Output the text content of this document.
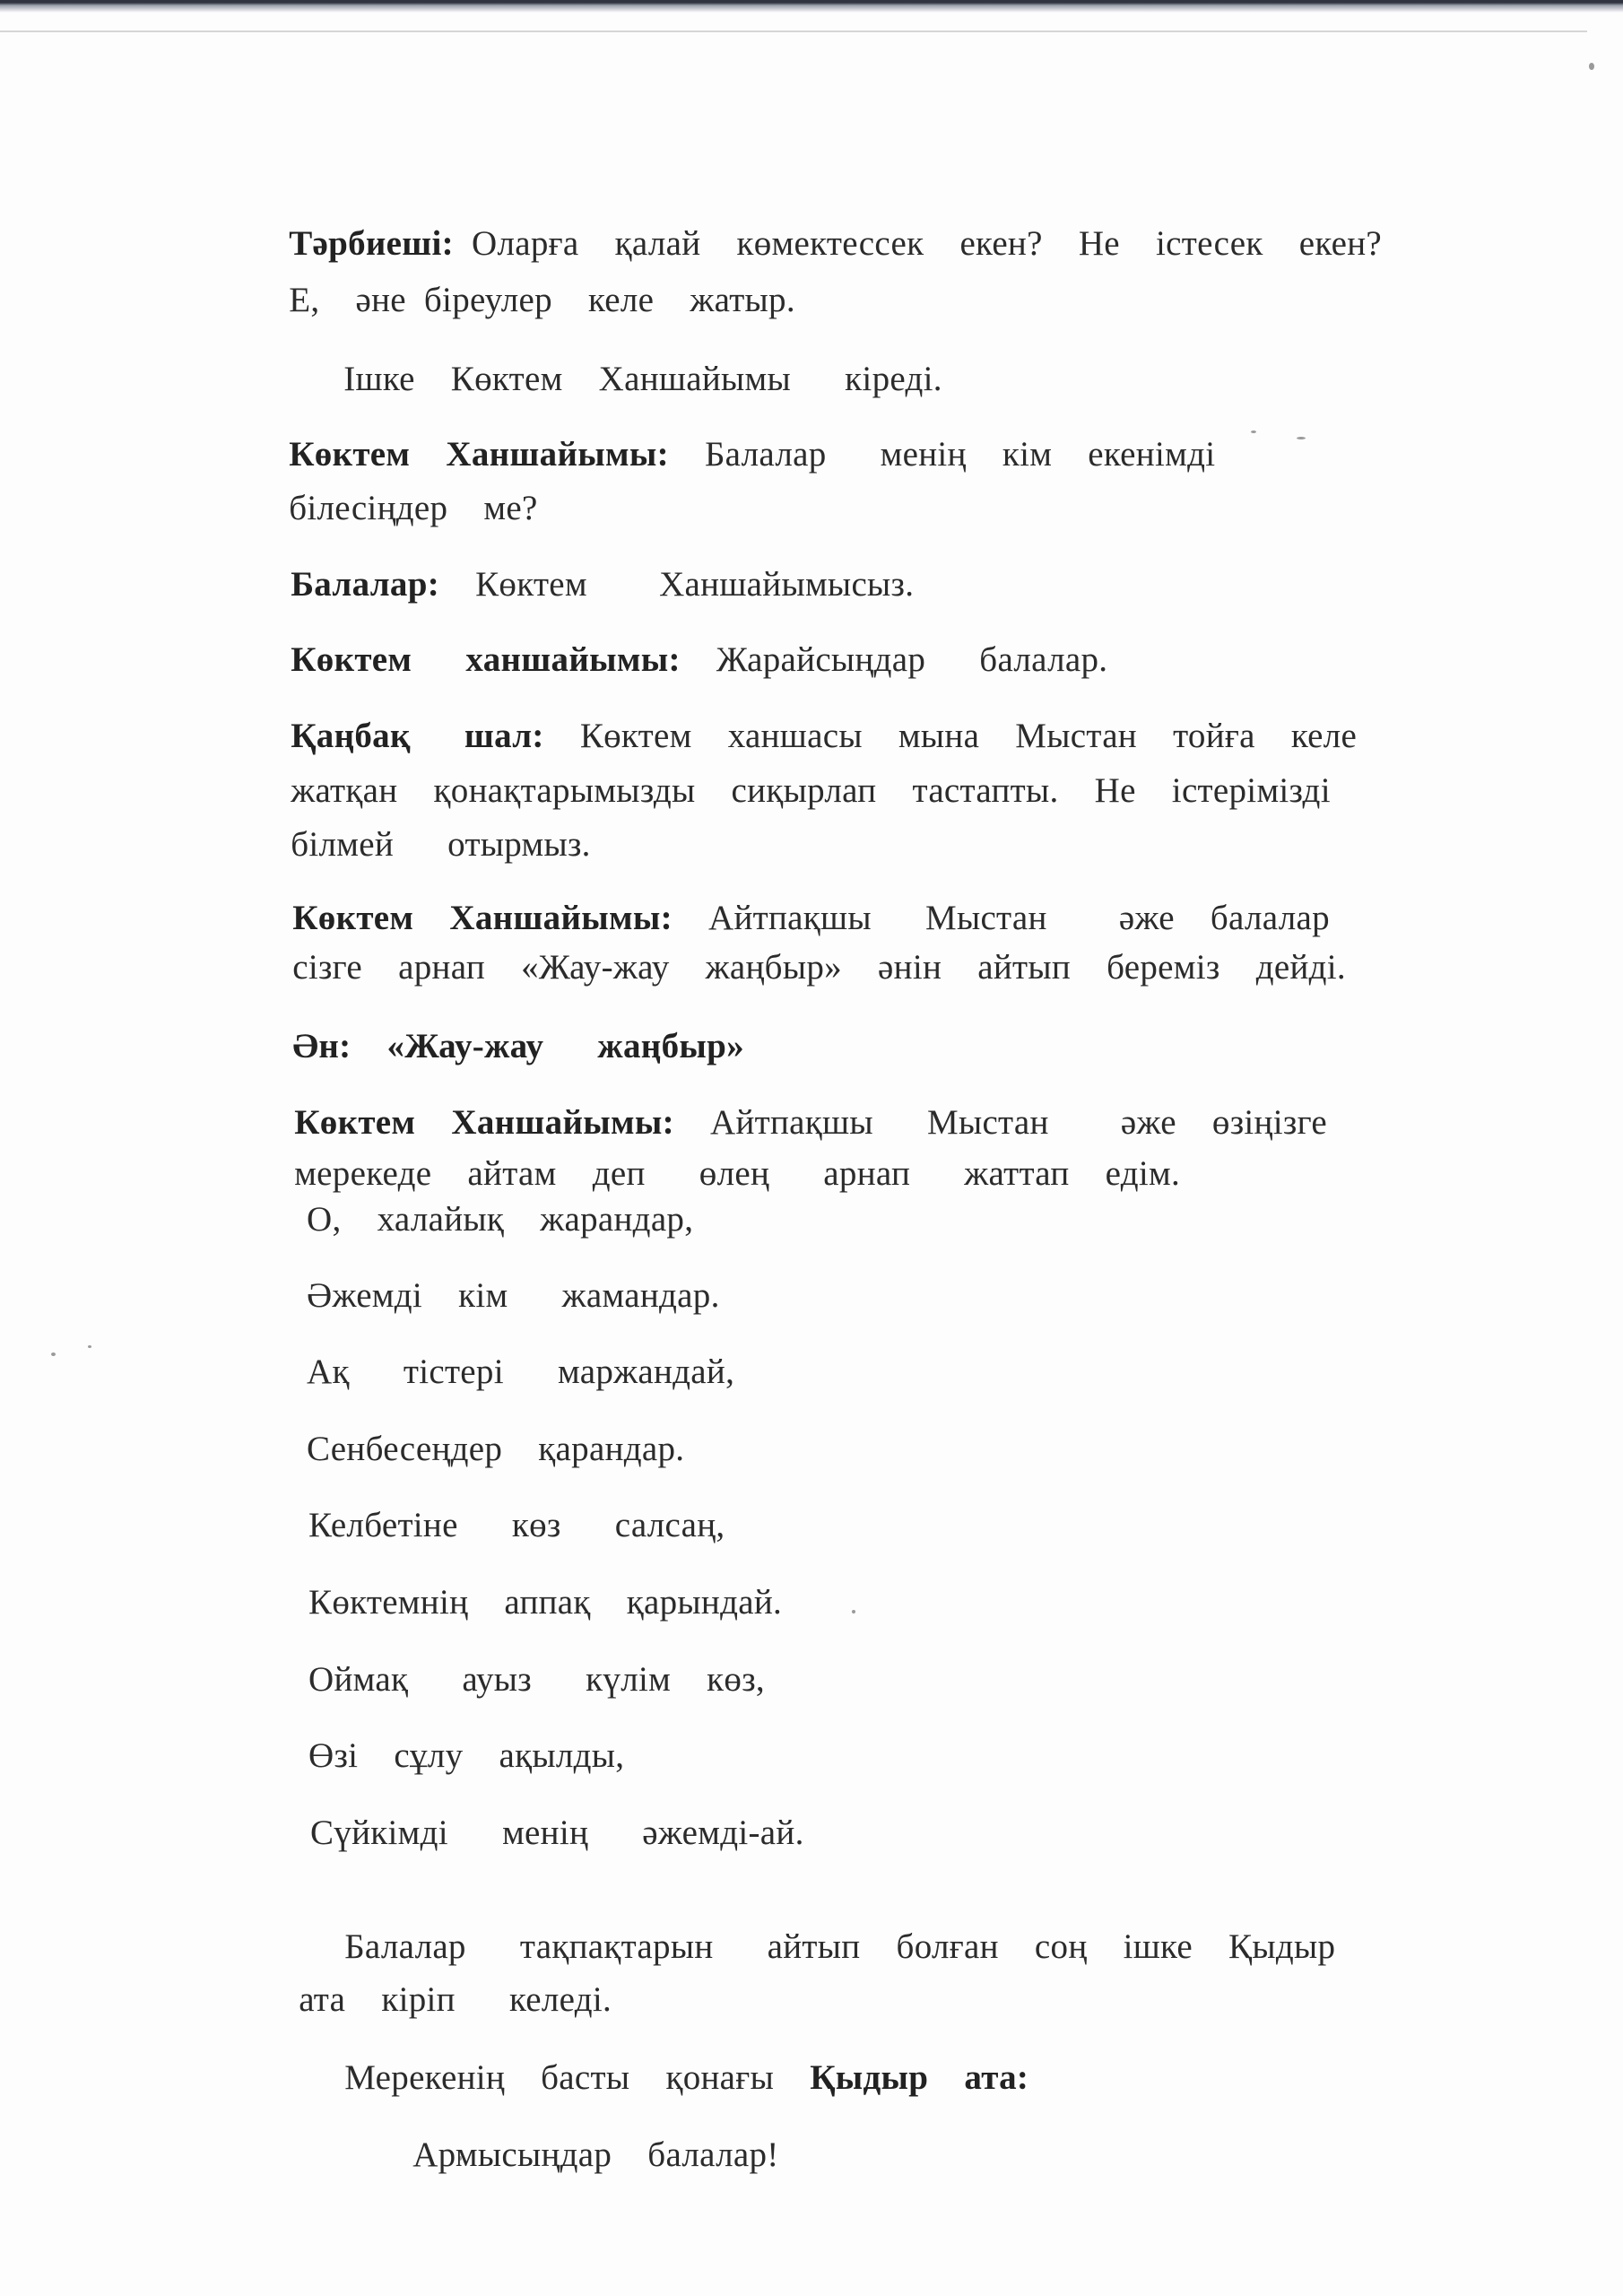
Тәрбиеші: Оларға  қалай  көмектессек  екен?  Не  істесек  екен?

Е,  әне біреулер  келе  жатыр.

Ішке  Көктем  Ханшайымы   кіреді.

Көктем  Ханшайымы:  Балалар   менің  кім  екенімді

білесіңдер  ме?

Балалар:  Көктем    Ханшайымысыз.

Көктем   ханшайымы:  Жарайсыңдар   балалар.

Қаңбақ   шал:  Көктем  ханшасы  мына  Мыстан  тойға  келе

жатқан  қонақтарымызды  сиқырлап  тастапты.  Не  істерімізді

білмей   отырмыз.

Көктем  Ханшайымы:  Айтпақшы   Мыстан    әже  балалар

сізге  арнап  «Жау-жау  жаңбыр»  әнін  айтып  береміз  дейді.

Ән:  «Жау-жау   жаңбыр»

Көктем  Ханшайымы:  Айтпақшы   Мыстан    әже  өзіңізге

мерекеде  айтам  деп   өлең   арнап   жаттап  едім.

О,  халайық  жарандар,
Әжемді  кім   жамандар.
Ақ   тістері   маржандай,
Сенбесеңдер  қарандар.
Келбетіне   көз   салсаң,
Көктемнің  аппақ  қарындай.
Оймақ   ауыз   күлім  көз,
Өзі  сұлу  ақылды,
Сүйкімді   менің   әжемді-ай.

Балалар   тақпақтарын   айтып  болған  соң  ішке  Қыдыр

ата  кіріп   келеді.

Мерекенің  басты  қонағы  Қыдыр  ата:

Армысыңдар  балалар!
